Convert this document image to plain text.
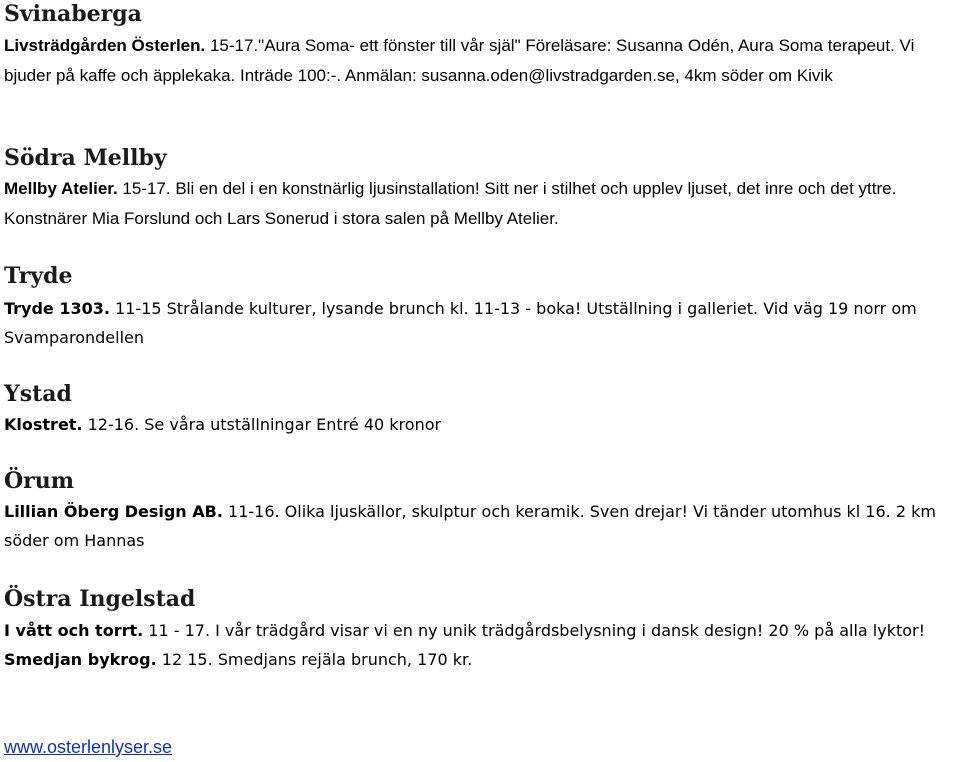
Svinaberga

Livsträdgården Österlen. 15-17."Aura Soma- ett fönster till vår själ" Föreläsare: Susanna Odén, Aura Soma terapeut. Vi bjuder på kaffe och äpplekaka. Inträde 100:-. Anmälan: susanna.oden@livstradgarden.se, 4km söder om Kivik

Södra Mellby

Mellby Atelier. 15-17. Bli en del i en konstnärlig ljusinstallation! Sitt ner i stilhet och upplev ljuset, det inre och det yttre. Konstnärer Mia Forslund och Lars Sonerud i stora salen på Mellby Atelier.

Tryde

Tryde 1303. 11-15 Strålande kulturer, lysande brunch kl. 11-13 - boka! Utställning i galleriet. Vid väg 19 norr om Svamparondellen

Ystad

Klostret. 12-16. Se våra utställningar Entré 40 kronor

Örum

Lillian Öberg Design AB. 11-16. Olika ljuskällor, skulptur och keramik. Sven drejar! Vi tänder utomhus kl 16. 2 km söder om Hannas

Östra Ingelstad

I vått och torrt. 11 - 17. I vår trädgård visar vi en ny unik trädgårdsbelysning i dansk design! 20 % på alla lyktor!

Smedjan bykrog. 12 15. Smedjans rejäla brunch, 170 kr.

www.osterlenlyser.se
